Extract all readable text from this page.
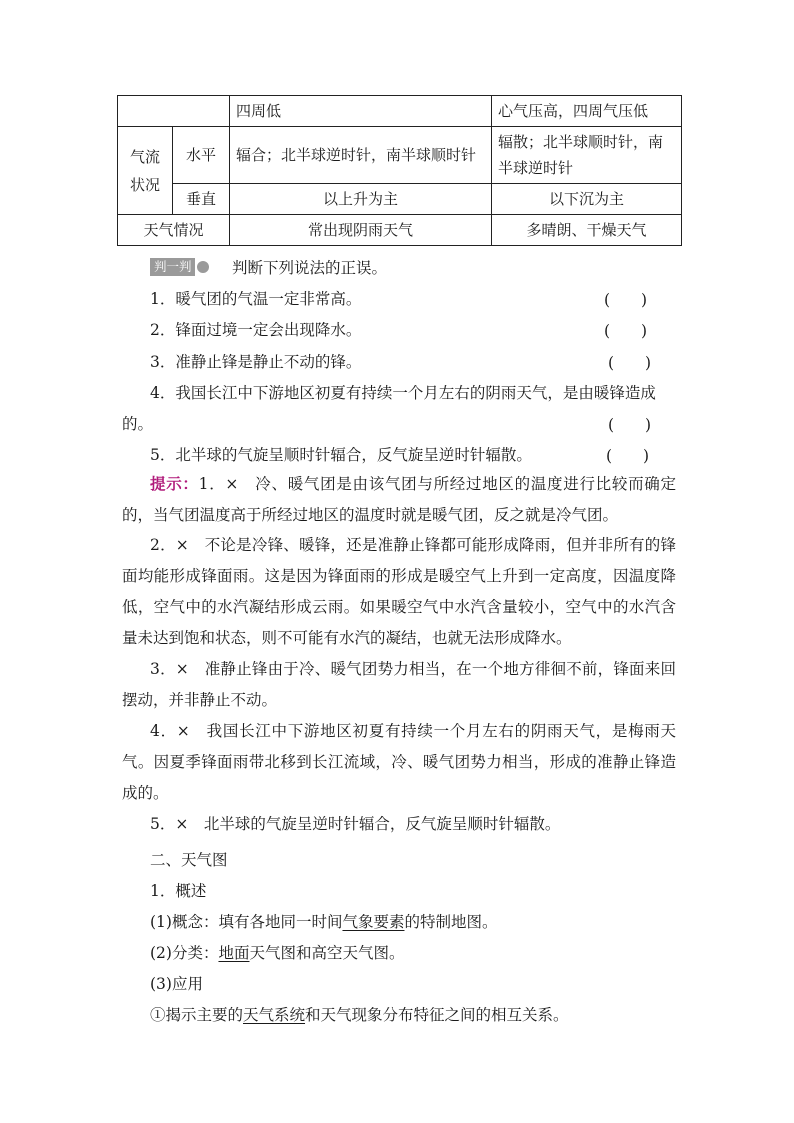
		四周低	心气压高，四周气压低
气流状况	水平	辐合；北半球逆时针，南半球顺时针	辐散；北半球顺时针，南半球逆时针
	垂直	以上升为主	以下沉为主
天气情况		常出现阴雨天气	多晴朗、干燥天气
判一判	判断下列说法的正误。
1．暖气团的气温一定非常高。	(　　)
2．锋面过境一定会出现降水。	(　　)
3．准静止锋是静止不动的锋。	(　　)
4．我国长江中下游地区初夏有持续一个月左右的阴雨天气，是由暖锋造成
的。	(　　)
5．北半球的气旋呈顺时针辐合，反气旋呈逆时针辐散。	(　　)
提示：1．×　冷、暖气团是由该气团与所经过地区的温度进行比较而确定的，当气团温度高于所经过地区的温度时就是暖气团，反之就是冷气团。
2．×　不论是冷锋、暖锋，还是准静止锋都可能形成降雨，但并非所有的锋面均能形成锋面雨。这是因为锋面雨的形成是暖空气上升到一定高度，因温度降低，空气中的水汽凝结形成云雨。如果暖空气中水汽含量较小，空气中的水汽含量未达到饱和状态，则不可能有水汽的凝结，也就无法形成降水。
3．×　准静止锋由于冷、暖气团势力相当，在一个地方徘徊不前，锋面来回摆动，并非静止不动。
4．×　我国长江中下游地区初夏有持续一个月左右的阴雨天气，是梅雨天气。因夏季锋面雨带北移到长江流域，冷、暖气团势力相当，形成的准静止锋造成的。
5．×　北半球的气旋呈逆时针辐合，反气旋呈顺时针辐散。
二、天气图
1．概述
(1)概念：填有各地同一时间气象要素的特制地图。
(2)分类：地面天气图和高空天气图。
(3)应用
①揭示主要的天气系统和天气现象分布特征之间的相互关系。
